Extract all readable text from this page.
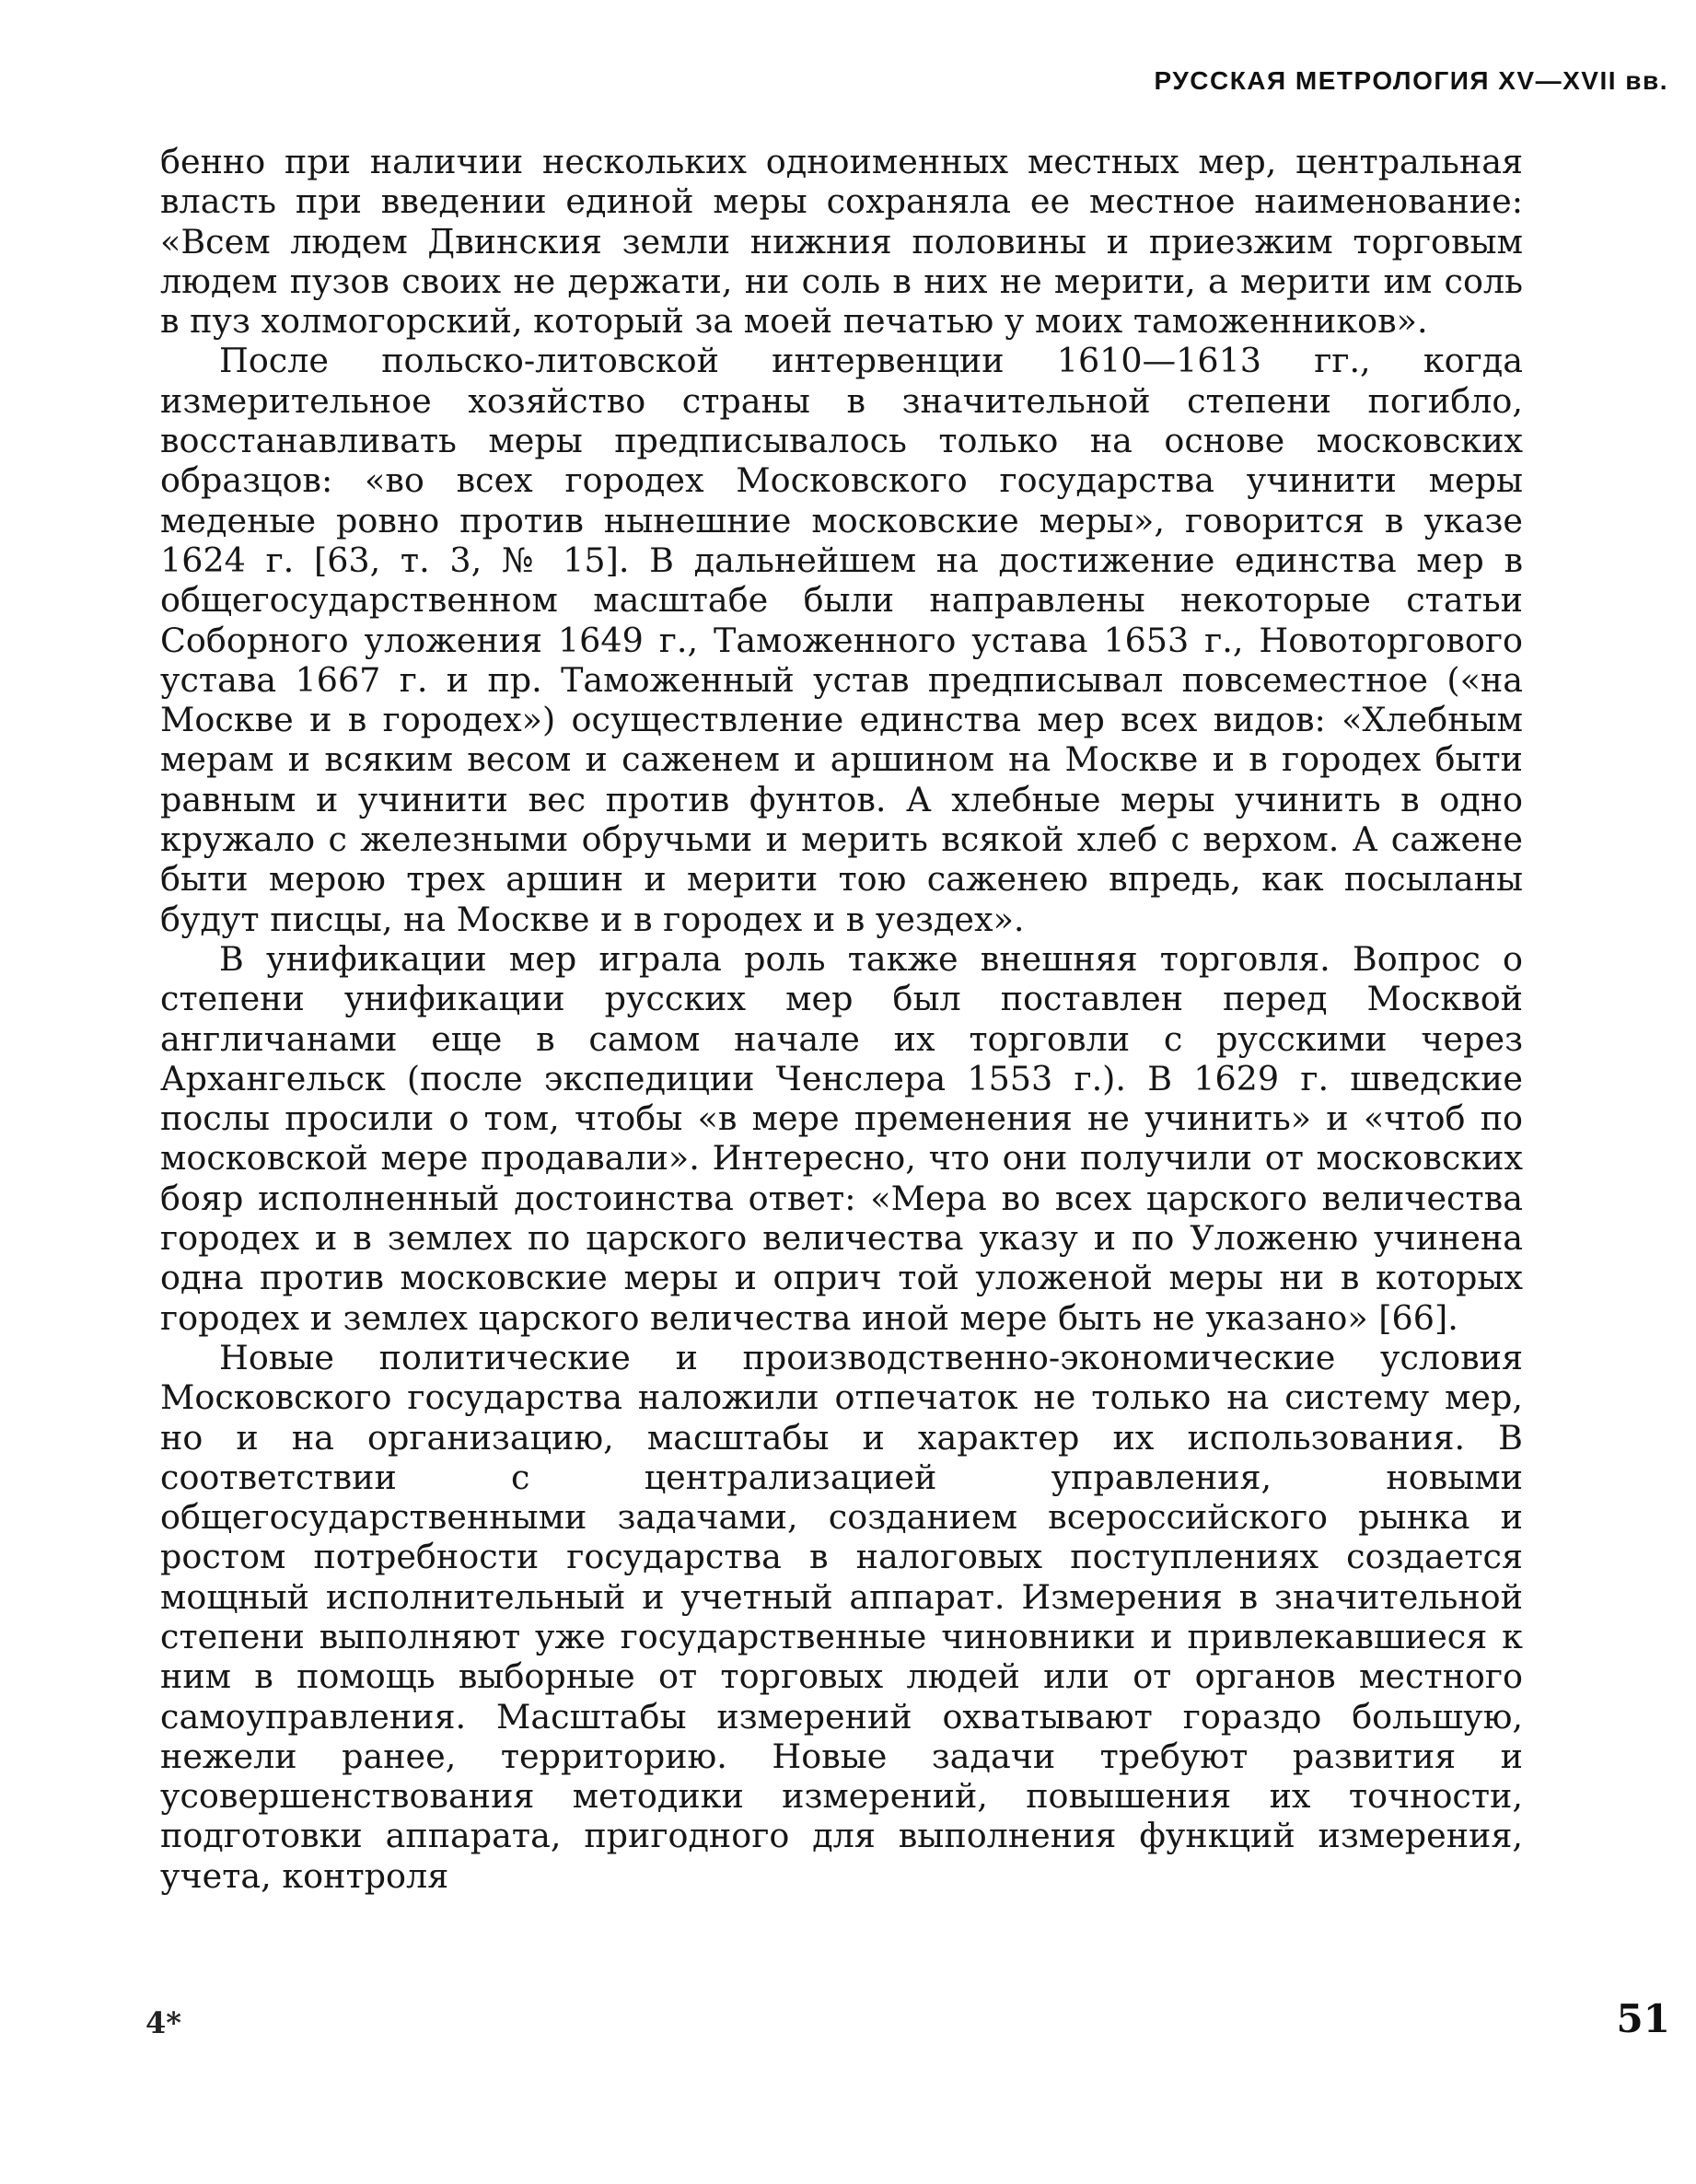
РУССКАЯ МЕТРОЛОГИЯ XV—XVII вв.

бенно при наличии нескольких одноименных местных мер, центральная власть при введении единой меры сохраняла ее местное наименование: «Всем людем Двинския земли нижния половины и приезжим торговым людем пузов своих не держати, ни соль в них не мерити, а мерити им соль в пуз холмогорский, который за моей печатью у моих таможенников».

После польско-литовской интервенции 1610—1613 гг., когда измерительное хозяйство страны в значительной степени погибло, восстанавливать меры предписывалось только на основе московских образцов: «во всех городех Московского государства учинити меры меденые ровно против нынешние московские меры», говорится в указе 1624 г. [63, т. 3, № 15]. В дальнейшем на достижение единства мер в общегосударственном масштабе были направлены некоторые статьи Соборного уложения 1649 г., Таможенного устава 1653 г., Новоторгового устава 1667 г. и пр. Таможенный устав предписывал повсеместное («на Москве и в городех») осуществление единства мер всех видов: «Хлебным мерам и всяким весом и саженем и аршином на Москве и в городех быти равным и учинити вес против фунтов. А хлебные меры учинить в одно кружало с железными обручьми и мерить всякой хлеб с верхом. А сажене быти мерою трех аршин и мерити тою саженею впредь, как посыланы будут писцы, на Москве и в городех и в уездех».

В унификации мер играла роль также внешняя торговля. Вопрос о степени унификации русских мер был поставлен перед Москвой англичанами еще в самом начале их торговли с русскими через Архангельск (после экспедиции Ченслера 1553 г.). В 1629 г. шведские послы просили о том, чтобы «в мере пременения не учинить» и «чтоб по московской мере продавали». Интересно, что они получили от московских бояр исполненный достоинства ответ: «Мера во всех царского величества городех и в землех по царского величества указу и по Уложеню учинена одна против московские меры и оприч той уложеной меры ни в которых городех и землех царского величества иной мере быть не указано» [66].

Новые политические и производственно-экономические условия Московского государства наложили отпечаток не только на систему мер, но и на организацию, масштабы и характер их использования. В соответствии с централизацией управления, новыми общегосударственными задачами, созданием всероссийского рынка и ростом потребности государства в налоговых поступлениях создается мощный исполнительный и учетный аппарат. Измерения в значительной степени выполняют уже государственные чиновники и привлекавшиеся к ним в помощь выборные от торговых людей или от органов местного самоуправления. Масштабы измерений охватывают гораздо большую, нежели ранее, территорию. Новые задачи требуют развития и усовершенствования методики измерений, повышения их точности, подготовки аппарата, пригодного для выполнения функций измерения, учета, контроля

4*	51
